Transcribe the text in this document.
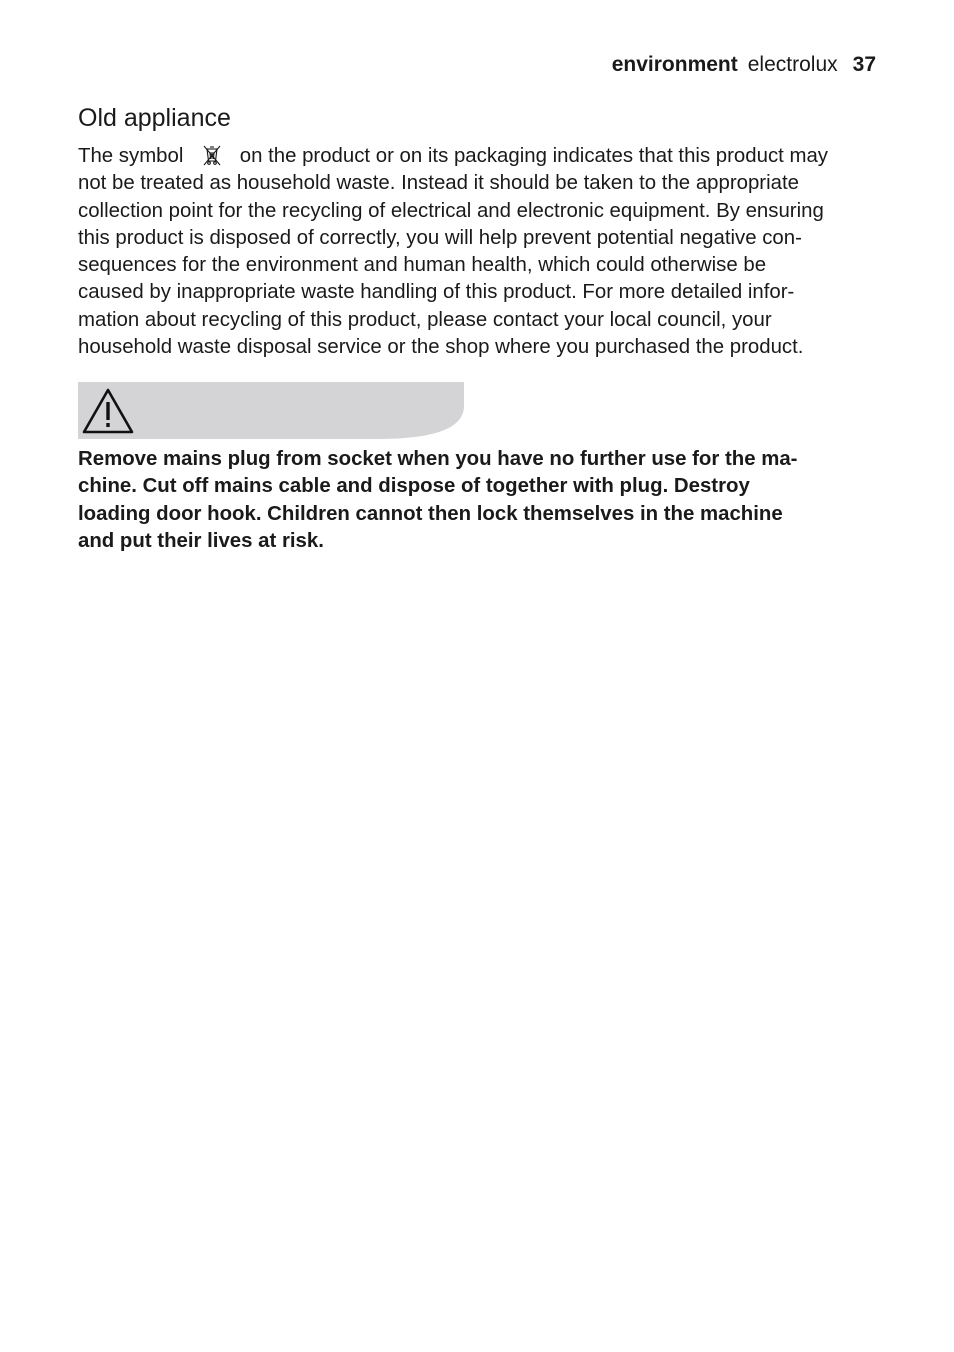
environment electrolux 37
Old appliance
The symbol
on the product or on its packaging indicates that this product may
not be treated as household waste. Instead it should be taken to the appropriate
collection point for the recycling of electrical and electronic equipment. By ensuring
this product is disposed of correctly, you will help prevent potential negative con-
sequences for the environment and human health, which could otherwise be
caused by inappropriate waste handling of this product. For more detailed infor-
mation about recycling of this product, please contact your local council, your
household waste disposal service or the shop where you purchased the product.
Remove mains plug from socket when you have no further use for the ma-
chine. Cut off mains cable and dispose of together with plug. Destroy
loading door hook. Children cannot then lock themselves in the machine
and put their lives at risk.
